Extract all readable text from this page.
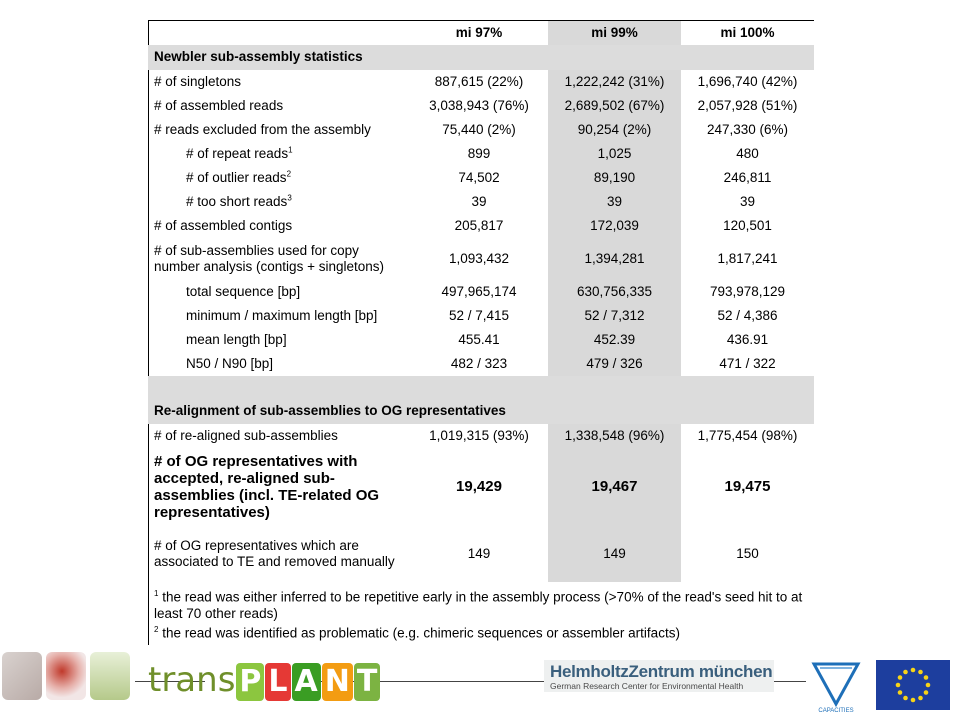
	mi 97%	mi 99%	mi 100%
Newbler sub-assembly statistics			
# of singletons	887,615 (22%)	1,222,242 (31%)	1,696,740 (42%)
# of assembled reads	3,038,943 (76%)	2,689,502 (67%)	2,057,928 (51%)
# reads excluded from the assembly	75,440 (2%)	90,254 (2%)	247,330 (6%)
# of repeat reads$^1$	899	1,025	480
# of outlier reads$^2$	74,502	89,190	246,811
# too short reads$^3$	39	39	39
# of assembled contigs	205,817	172,039	120,501
# of sub-assemblies used for copy number analysis (contigs + singletons)	1,093,432	1,394,281	1,817,241
total sequence [bp]	497,965,174	630,756,335	793,978,129
minimum / maximum length [bp]	52 / 7,415	52 / 7,312	52 / 4,386
mean length [bp]	455.41	452.39	436.91
N50 / N90 [bp]	482 / 323	479 / 326	471 / 322
Re-alignment of sub-assemblies to OG representatives			
# of re-aligned sub-assemblies	1,019,315 (93%)	1,338,548 (96%)	1,775,454 (98%)
# of OG representatives with accepted, re-aligned sub-assemblies (incl. TE-related OG representatives)	19,429	19,467	19,475
# of OG representatives which are associated to TE and removed manually	149	149	150
$^1$ the read was either inferred to be repetitive early in the assembly process (>70% of the read's seed hit to at least 70 other reads)
$^2$ the read was identified as problematic (e.g. chimeric sequences or assembler artifacts)
trans P L A N T	HelmholtzZentrum münchen
German Research Center for Environmental Health
CAPACITIES
